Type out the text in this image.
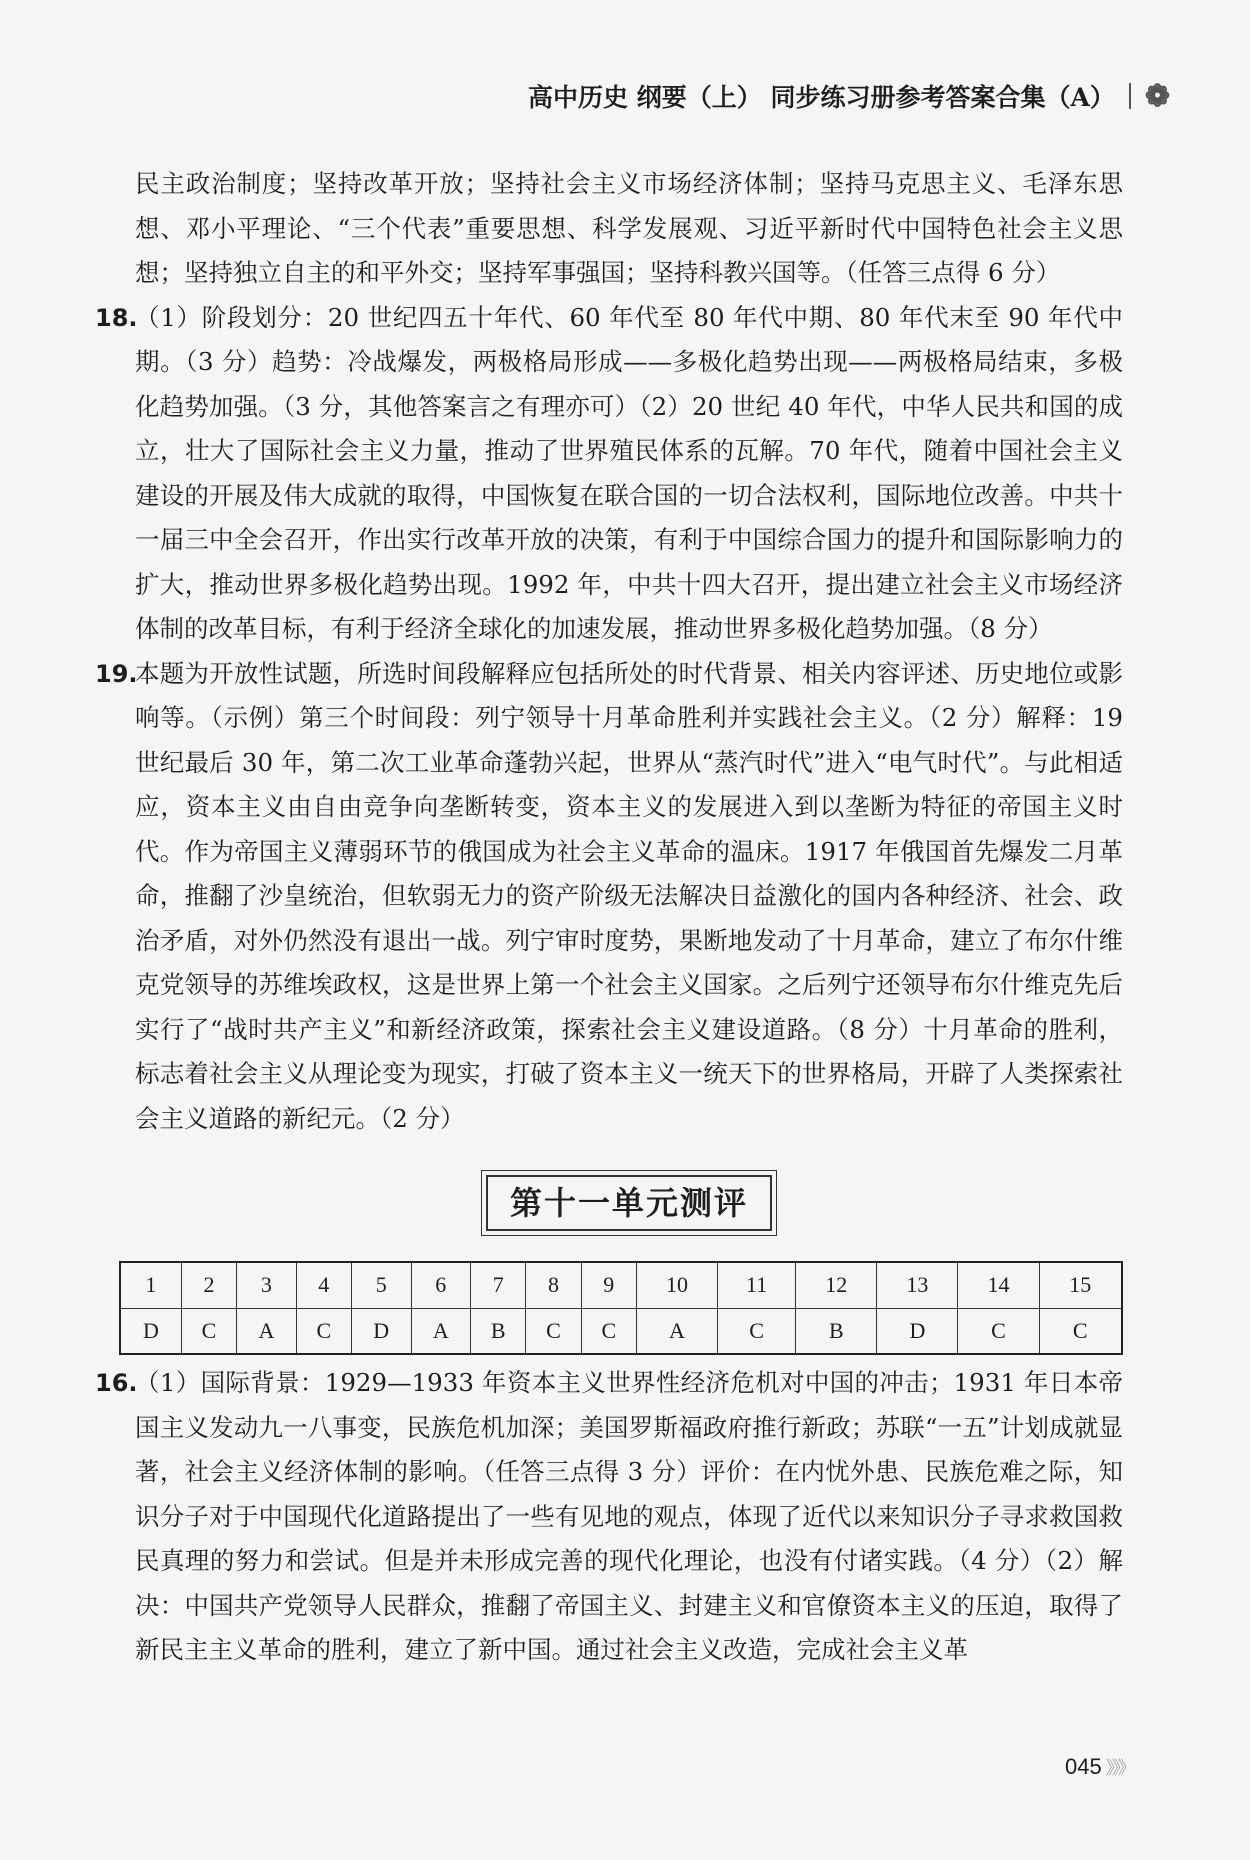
高中历史 纲要（上） 同步练习册参考答案合集（A） ❁

民主政治制度；坚持改革开放；坚持社会主义市场经济体制；坚持马克思主义、毛泽东思想、邓小平理论、“三个代表”重要思想、科学发展观、习近平新时代中国特色社会主义思想；坚持独立自主的和平外交；坚持军事强国；坚持科教兴国等。（任答三点得 6 分）

18.

（1）阶段划分：20 世纪四五十年代、60 年代至 80 年代中期、80 年代末至 90 年代中期。（3 分）趋势：冷战爆发，两极格局形成——多极化趋势出现——两极格局结束，多极化趋势加强。（3 分，其他答案言之有理亦可）（2）20 世纪 40 年代，中华人民共和国的成立，壮大了国际社会主义力量，推动了世界殖民体系的瓦解。70 年代，随着中国社会主义建设的开展及伟大成就的取得，中国恢复在联合国的一切合法权利，国际地位改善。中共十一届三中全会召开，作出实行改革开放的决策，有利于中国综合国力的提升和国际影响力的扩大，推动世界多极化趋势出现。1992 年，中共十四大召开，提出建立社会主义市场经济体制的改革目标，有利于经济全球化的加速发展，推动世界多极化趋势加强。（8 分）

19.

本题为开放性试题，所选时间段解释应包括所处的时代背景、相关内容评述、历史地位或影响等。（示例）第三个时间段：列宁领导十月革命胜利并实践社会主义。（2 分）解释：19 世纪最后 30 年，第二次工业革命蓬勃兴起，世界从“蒸汽时代”进入“电气时代”。与此相适应，资本主义由自由竞争向垄断转变，资本主义的发展进入到以垄断为特征的帝国主义时代。作为帝国主义薄弱环节的俄国成为社会主义革命的温床。1917 年俄国首先爆发二月革命，推翻了沙皇统治，但软弱无力的资产阶级无法解决日益激化的国内各种经济、社会、政治矛盾，对外仍然没有退出一战。列宁审时度势，果断地发动了十月革命，建立了布尔什维克党领导的苏维埃政权，这是世界上第一个社会主义国家。之后列宁还领导布尔什维克先后实行了“战时共产主义”和新经济政策，探索社会主义建设道路。（8 分）十月革命的胜利，标志着社会主义从理论变为现实，打破了资本主义一统天下的世界格局，开辟了人类探索社会主义道路的新纪元。（2 分）

第十一单元测评
1	2	3	4	5	6	7	8	9	10	11	12	13	14	15
D	C	A	C	D	A	B	C	C	A	C	B	D	C	C
16.

（1）国际背景：1929—1933 年资本主义世界性经济危机对中国的冲击；1931 年日本帝国主义发动九一八事变，民族危机加深；美国罗斯福政府推行新政；苏联“一五”计划成就显著，社会主义经济体制的影响。（任答三点得 3 分）评价：在内忧外患、民族危难之际，知识分子对于中国现代化道路提出了一些有见地的观点，体现了近代以来知识分子寻求救国救民真理的努力和尝试。但是并未形成完善的现代化理论，也没有付诸实践。（4 分）（2）解决：中国共产党领导人民群众，推翻了帝国主义、封建主义和官僚资本主义的压迫，取得了新民主主义革命的胜利，建立了新中国。通过社会主义改造，完成社会主义革

045 》》》
